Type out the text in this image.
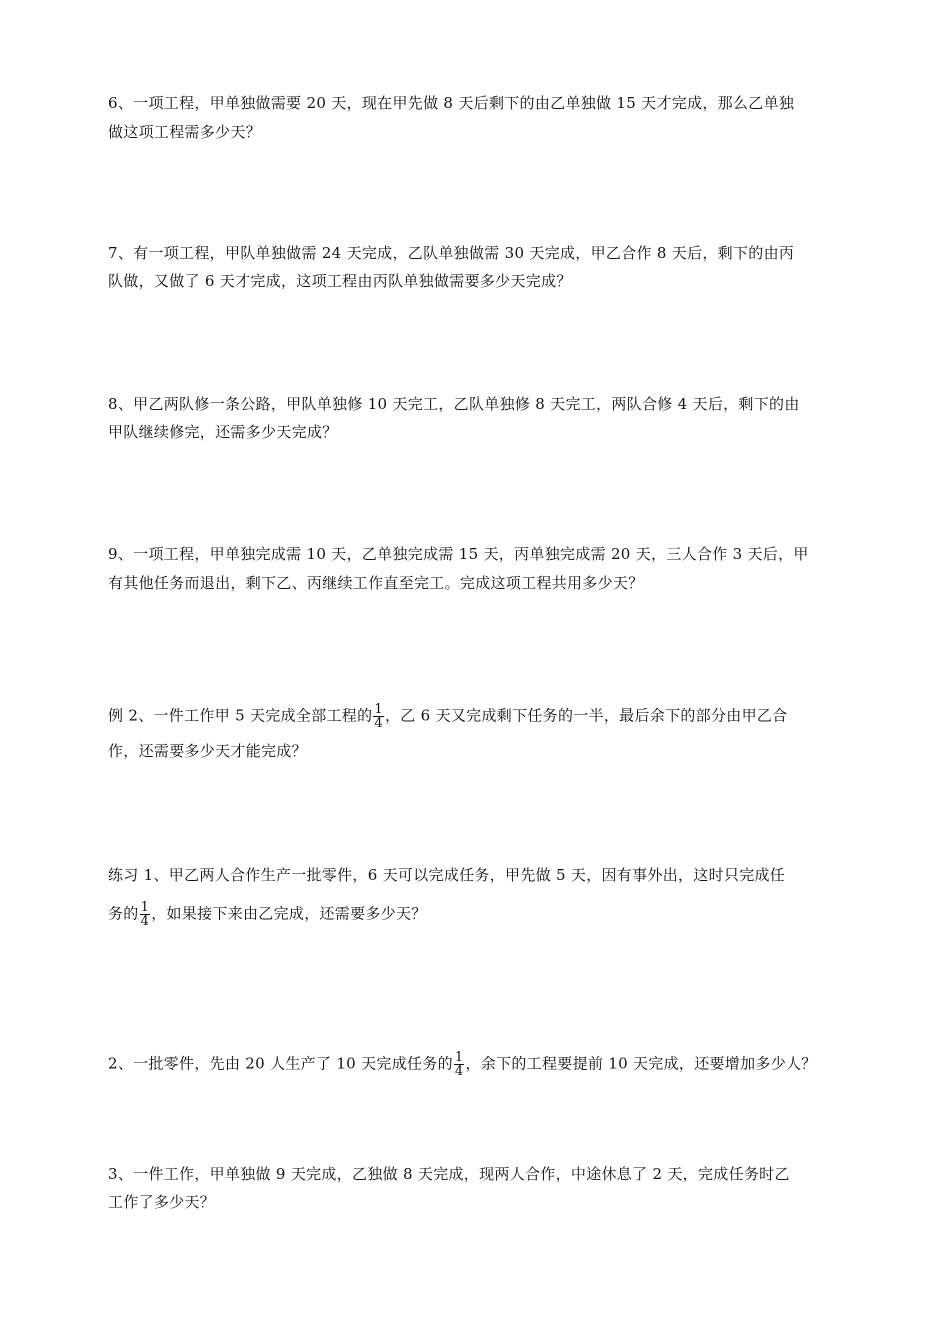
6、一项工程，甲单独做需要 20 天，现在甲先做 8 天后剩下的由乙单独做 15 天才完成，那么乙单独
做这项工程需多少天？
7、有一项工程，甲队单独做需 24 天完成，乙队单独做需 30 天完成，甲乙合作 8 天后，剩下的由丙
队做，又做了 6 天才完成，这项工程由丙队单独做需要多少天完成？
8、甲乙两队修一条公路，甲队单独修 10 天完工，乙队单独修 8 天完工，两队合修 4 天后，剩下的由
甲队继续修完，还需多少天完成？
9、一项工程，甲单独完成需 10 天，乙单独完成需 15 天，丙单独完成需 20 天，三人合作 3 天后，甲
有其他任务而退出，剩下乙、丙继续工作直至完工。完成这项工程共用多少天？
例 2、一件工作甲 5 天完成全部工程的 $\frac{1}{4}$ ，乙 6 天又完成剩下任务的一半，最后余下的部分由甲乙合
作，还需要多少天才能完成？
练习 1、甲乙两人合作生产一批零件，6 天可以完成任务，甲先做 5 天，因有事外出，这时只完成任
务的 $\frac{1}{4}$ ，如果接下来由乙完成，还需要多少天？
2、一批零件，先由 20 人生产了 10 天完成任务的 $\frac{1}{4}$ ，余下的工程要提前 10 天完成，还要增加多少人？
3、一件工作，甲单独做 9 天完成，乙独做 8 天完成，现两人合作，中途休息了 2 天，完成任务时乙
工作了多少天？
